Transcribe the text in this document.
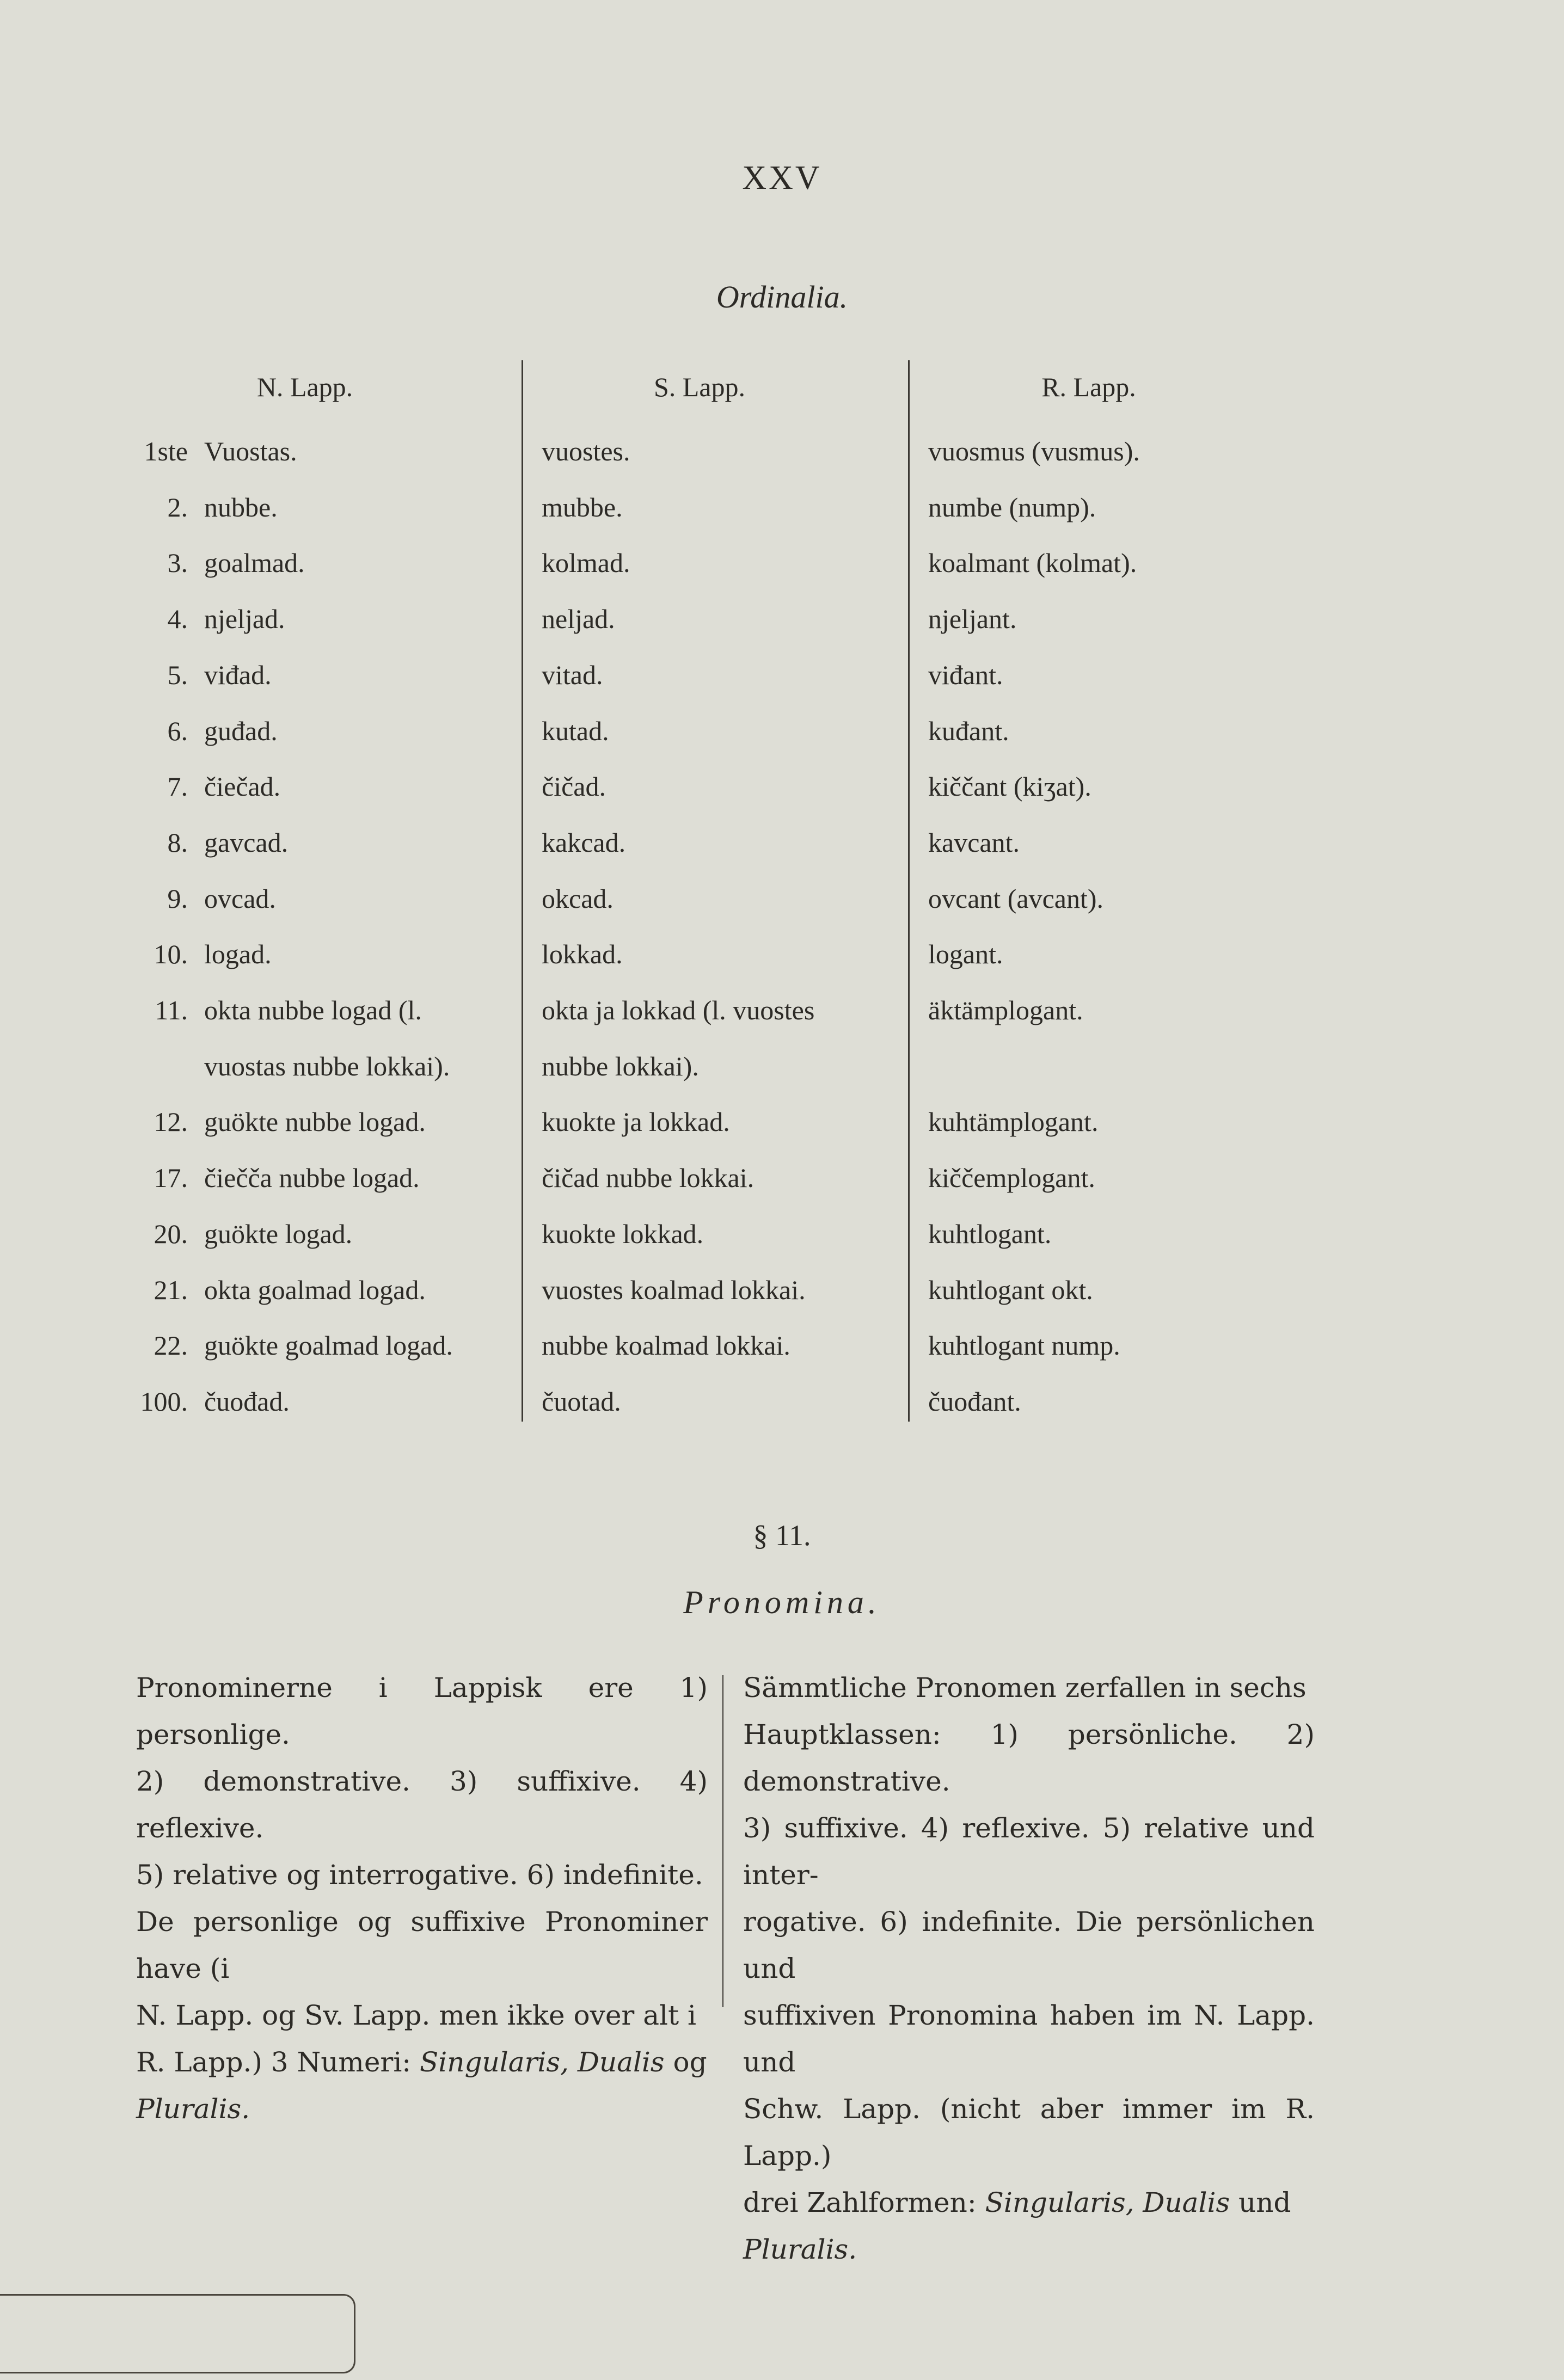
XXV
Ordinalia.
N. Lapp.	S. Lapp.	R. Lapp.
1ste Vuostas.	vuostes.	vuosmus (vusmus).
2. nubbe.	mubbe.	numbe (nump).
3. goalmad.	kolmad.	koalmant (kolmat).
4. njeljad.	neljad.	njeljant.
5. viđad.	vitad.	viđant.
6. guđad.	kutad.	kuđant.
7. čiečad.	čičad.	kiččant (kiʒat).
8. gavcad.	kakcad.	kavcant.
9. ovcad.	okcad.	ovcant (avcant).
10. logad.	lokkad.	logant.
11. okta nubbe logad (l.	okta ja lokkad (l. vuostes	äktämplogant.
vuostas nubbe lokkai).	nubbe lokkai).
12. guökte nubbe logad.	kuokte ja lokkad.	kuhtämplogant.
17. čiečča nubbe logad.	čičad nubbe lokkai.	kiččemplogant.
20. guökte logad.	kuokte lokkad.	kuhtlogant.
21. okta goalmad logad.	vuostes koalmad lokkai.	kuhtlogant okt.
22. guökte goalmad logad.	nubbe koalmad lokkai.	kuhtlogant nump.
100. čuođad.	čuotad.	čuođant.
§ 11.
Pronomina.
Pronominerne i Lappisk ere 1) personlige.
2) demonstrative. 3) suffixive. 4) reflexive.
5) relative og interrogative. 6) indefinite.
De personlige og suffixive Pronominer have (i
N. Lapp. og Sv. Lapp. men ikke over alt i
R. Lapp.) 3 Numeri: Singularis, Dualis og
Pluralis.
Sämmtliche Pronomen zerfallen in sechs
Hauptklassen: 1) persönliche. 2) demonstrative.
3) suffixive. 4) reflexive. 5) relative und inter-
rogative. 6) indefinite. Die persönlichen und
suffixiven Pronomina haben im N. Lapp. und
Schw. Lapp. (nicht aber immer im R. Lapp.)
drei Zahlformen: Singularis, Dualis und
Pluralis.
